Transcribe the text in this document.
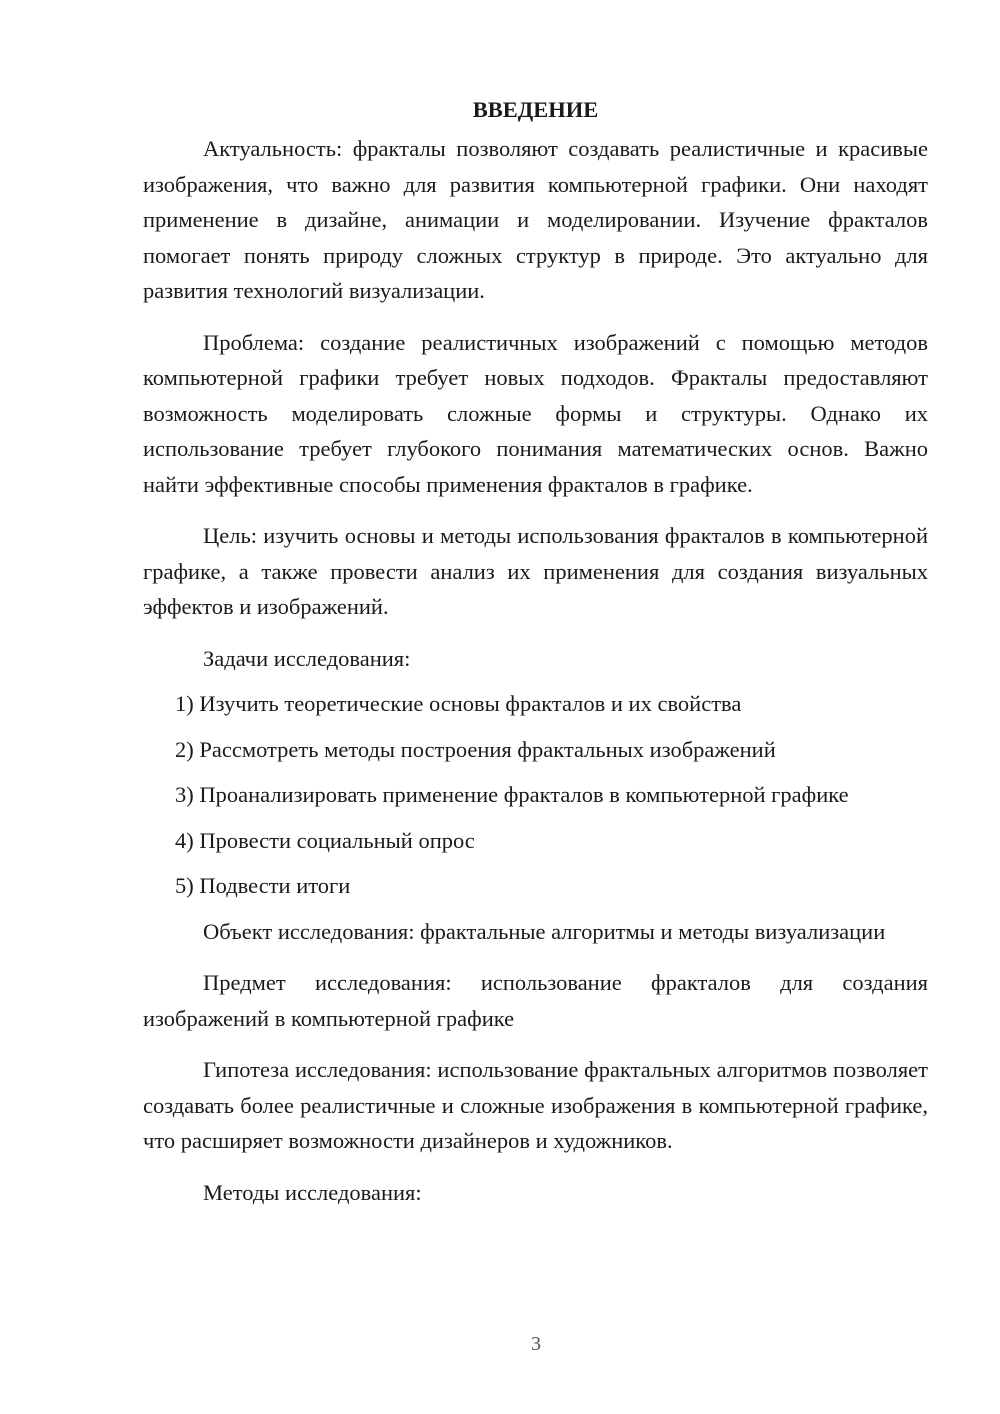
ВВЕДЕНИЕ

Актуальность: фракталы позволяют создавать реалистичные и красивые изображения, что важно для развития компьютерной графики. Они находят применение в дизайне, анимации и моделировании. Изучение фракталов помогает понять природу сложных структур в природе. Это актуально для развития технологий визуализации.

Проблема: создание реалистичных изображений с помощью методов компьютерной графики требует новых подходов. Фракталы предоставляют возможность моделировать сложные формы и структуры. Однако их использование требует глубокого понимания математических основ. Важно найти эффективные способы применения фракталов в графике.

Цель: изучить основы и методы использования фракталов в компьютерной графике, а также провести анализ их применения для создания визуальных эффектов и изображений.

Задачи исследования:

1) Изучить теоретические основы фракталов и их свойства
2) Рассмотреть методы построения фрактальных изображений
3) Проанализировать применение фракталов в компьютерной графике
4) Провести социальный опрос
5) Подвести итоги

Объект исследования: фрактальные алгоритмы и методы визуализации

Предмет исследования: использование фракталов для создания изображений в компьютерной графике

Гипотеза исследования: использование фрактальных алгоритмов позволяет создавать более реалистичные и сложные изображения в компьютерной графике, что расширяет возможности дизайнеров и художников.

Методы исследования:

3
